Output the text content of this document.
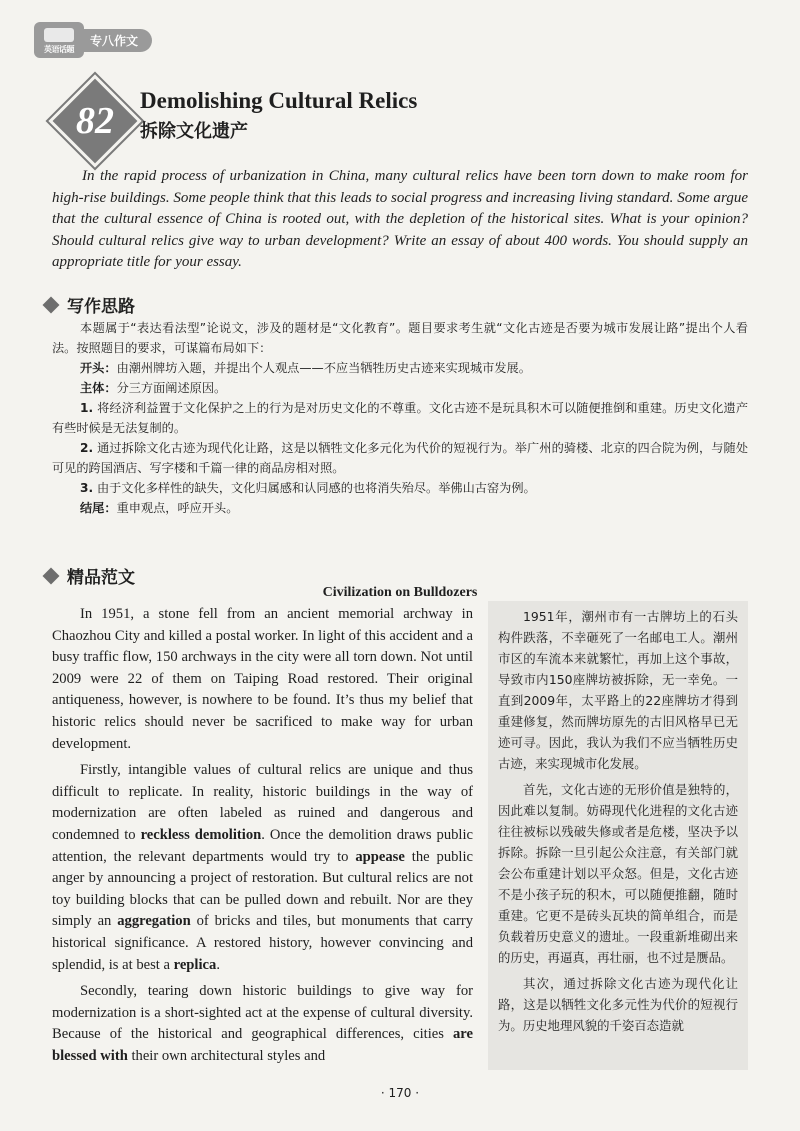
英语话题
专八作文
82	Demolishing Cultural Relics
拆除文化遗产
In the rapid process of urbanization in China, many cultural relics have been torn down to make room for high-rise buildings. Some people think that this leads to social progress and increasing living standard. Some argue that the cultural essence of China is rooted out, with the depletion of the historical sites. What is your opinion? Should cultural relics give way to urban development? Write an essay of about 400 words. You should supply an appropriate title for your essay.
写作思路

本题属于“表达看法型”论说文，涉及的题材是“文化教育”。题目要求考生就“文化古迹是否要为城市发展让路”提出个人看法。按照题目的要求，可谋篇布局如下：

开头：由潮州牌坊入题，并提出个人观点——不应当牺牲历史古迹来实现城市发展。

主体：分三方面阐述原因。

1. 将经济利益置于文化保护之上的行为是对历史文化的不尊重。文化古迹不是玩具积木可以随便推倒和重建。历史文化遗产有些时候是无法复制的。

2. 通过拆除文化古迹为现代化让路，这是以牺牲文化多元化为代价的短视行为。举广州的骑楼、北京的四合院为例，与随处可见的跨国酒店、写字楼和千篇一律的商品房相对照。

3. 由于文化多样性的缺失，文化归属感和认同感的也将消失殆尽。举佛山古窑为例。

结尾：重申观点，呼应开头。

精品范文
Civilization on Bulldozers

In 1951, a stone fell from an ancient memorial archway in Chaozhou City and killed a postal worker. In light of this accident and a busy traffic flow, 150 archways in the city were all torn down. Not until 2009 were 22 of them on Taiping Road restored. Their original antiqueness, however, is nowhere to be found. It’s thus my belief that historic relics should never be sacrificed to make way for urban development.

Firstly, intangible values of cultural relics are unique and thus difficult to replicate. In reality, historic buildings in the way of modernization are often labeled as ruined and dangerous and condemned to reckless demolition. Once the demolition draws public attention, the relevant departments would try to appease the public anger by announcing a project of restoration. But cultural relics are not toy building blocks that can be pulled down and rebuilt. Nor are they simply an aggregation of bricks and tiles, but monuments that carry historical significance. A restored history, however convincing and splendid, is at best a replica.

Secondly, tearing down historic buildings to give way for modernization is a short-sighted act at the expense of cultural diversity. Because of the historical and geographical differences, cities are blessed with their own architectural styles and

1951年，潮州市有一古牌坊上的石头构件跌落，不幸砸死了一名邮电工人。潮州市区的车流本来就繁忙，再加上这个事故，导致市内150座牌坊被拆除，无一幸免。一直到2009年，太平路上的22座牌坊才得到重建修复，然而牌坊原先的古旧风格早已无迹可寻。因此，我认为我们不应当牺牲历史古迹，来实现城市化发展。

首先，文化古迹的无形价值是独特的，因此难以复制。妨碍现代化进程的文化古迹往往被标以残破失修或者是危楼，坚决予以拆除。拆除一旦引起公众注意，有关部门就会公布重建计划以平众怒。但是，文化古迹不是小孩子玩的积木，可以随便推翻，随时重建。它更不是砖头瓦块的简单组合，而是负载着历史意义的遗址。一段重新堆砌出来的历史，再逼真，再壮丽，也不过是赝品。

其次，通过拆除文化古迹为现代化让路，这是以牺牲文化多元性为代价的短视行为。历史地理风貌的千姿百态造就

· 170 ·
